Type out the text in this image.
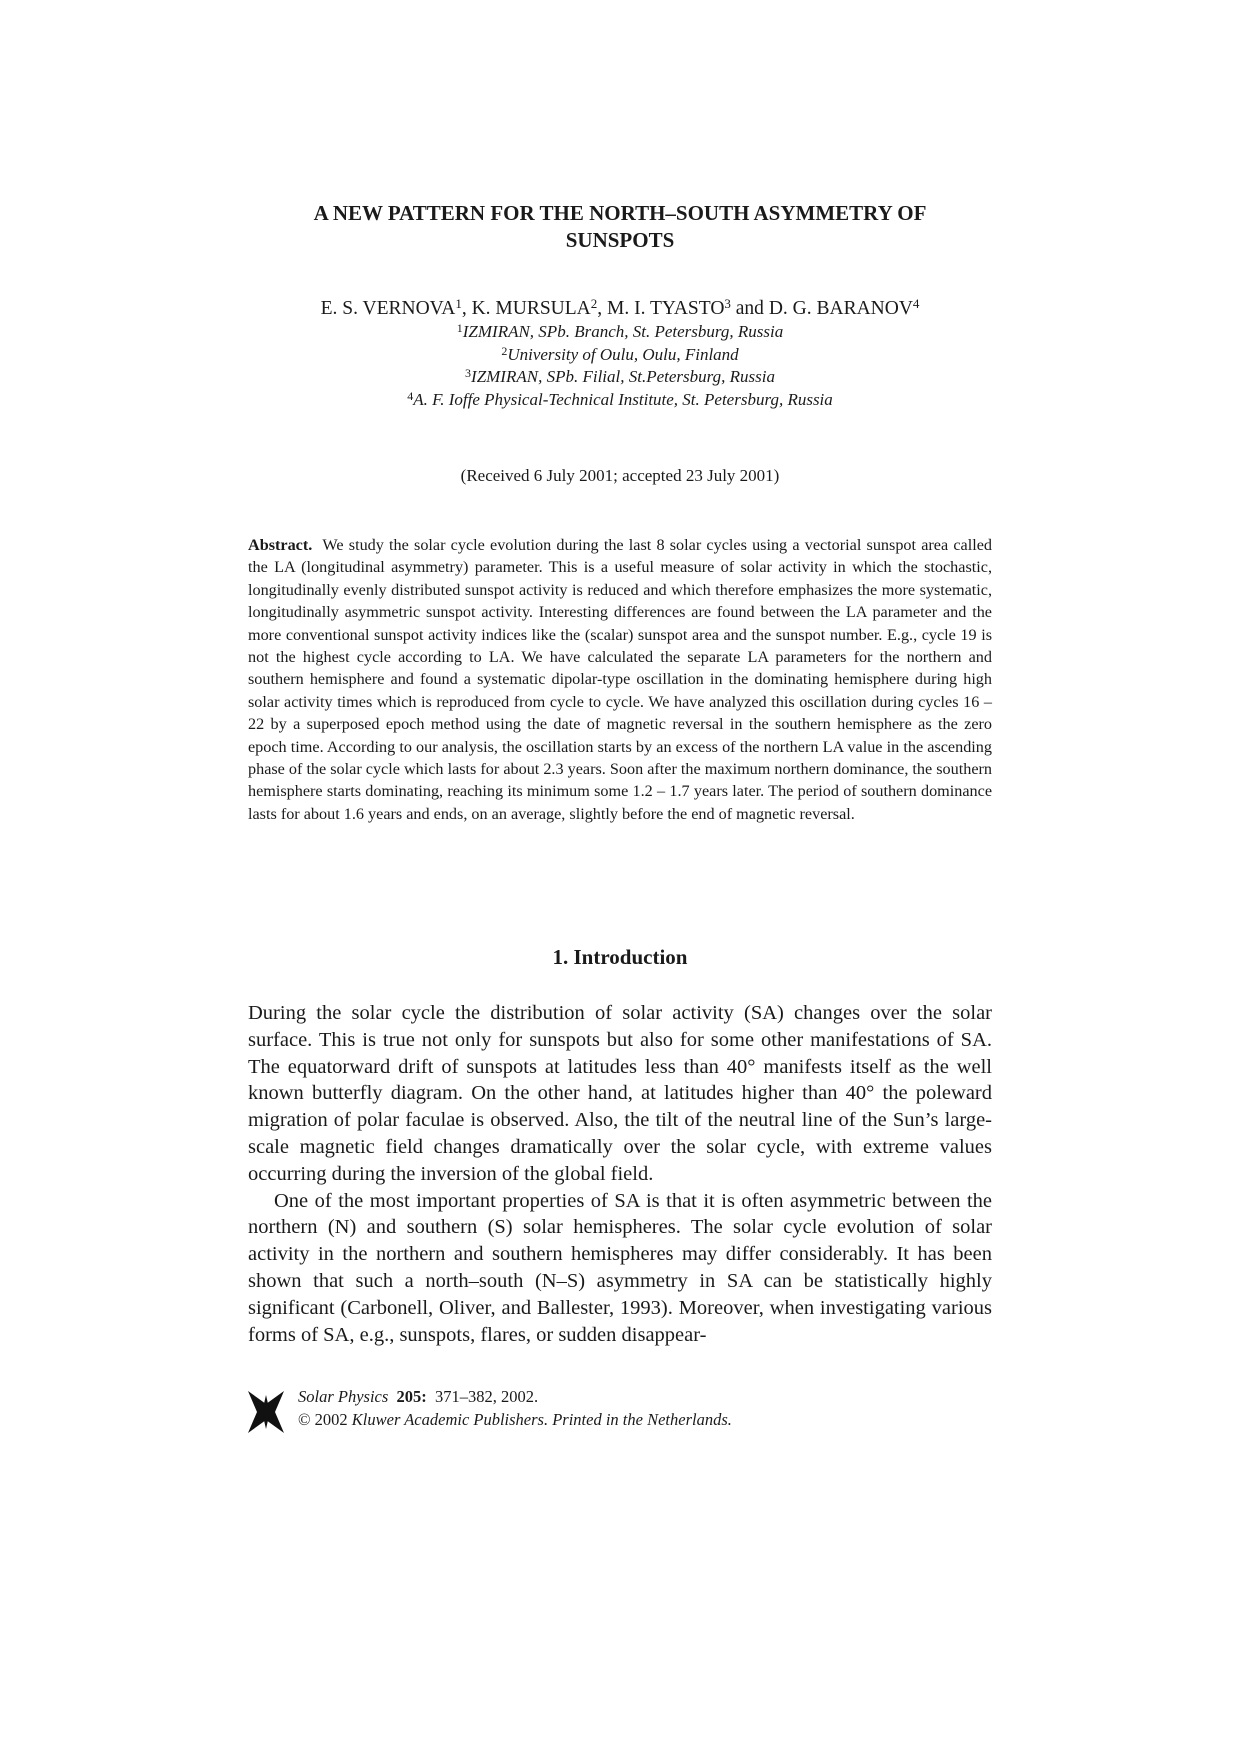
A NEW PATTERN FOR THE NORTH–SOUTH ASYMMETRY OF
SUNSPOTS
E. S. VERNOVA$^1$, K. MURSULA$^2$, M. I. TYASTO$^3$ and D. G. BARANOV$^4$
$^1$IZMIRAN, SPb. Branch, St. Petersburg, Russia
$^2$University of Oulu, Oulu, Finland
$^3$IZMIRAN, SPb. Filial, St.Petersburg, Russia
$^4$A. F. Ioffe Physical-Technical Institute, St. Petersburg, Russia
(Received 6 July 2001; accepted 23 July 2001)
Abstract. We study the solar cycle evolution during the last 8 solar cycles using a vectorial sunspot area called the LA (longitudinal asymmetry) parameter. This is a useful measure of solar activity in which the stochastic, longitudinally evenly distributed sunspot activity is reduced and which therefore emphasizes the more systematic, longitudinally asymmetric sunspot activity. Interesting differences are found between the LA parameter and the more conventional sunspot activity indices like the (scalar) sunspot area and the sunspot number. E.g., cycle 19 is not the highest cycle according to LA. We have calculated the separate LA parameters for the northern and southern hemisphere and found a systematic dipolar-type oscillation in the dominating hemisphere during high solar activity times which is reproduced from cycle to cycle. We have analyzed this oscillation during cycles 16 – 22 by a superposed epoch method using the date of magnetic reversal in the southern hemisphere as the zero epoch time. According to our analysis, the oscillation starts by an excess of the northern LA value in the ascending phase of the solar cycle which lasts for about 2.3 years. Soon after the maximum northern dominance, the southern hemisphere starts dominating, reaching its minimum some 1.2 – 1.7 years later. The period of southern dominance lasts for about 1.6 years and ends, on an average, slightly before the end of magnetic reversal.
1. Introduction

During the solar cycle the distribution of solar activity (SA) changes over the solar surface. This is true not only for sunspots but also for some other manifestations of SA. The equatorward drift of sunspots at latitudes less than 40° manifests itself as the well known butterfly diagram. On the other hand, at latitudes higher than 40° the poleward migration of polar faculae is observed. Also, the tilt of the neutral line of the Sun’s large-scale magnetic field changes dramatically over the solar cycle, with extreme values occurring during the inversion of the global field.

One of the most important properties of SA is that it is often asymmetric between the northern (N) and southern (S) solar hemispheres. The solar cycle evolution of solar activity in the northern and southern hemispheres may differ considerably. It has been shown that such a north–south (N–S) asymmetry in SA can be statistically highly significant (Carbonell, Oliver, and Ballester, 1993). Moreover, when investigating various forms of SA, e.g., sunspots, flares, or sudden disappear-

Solar Physics 205: 371–382, 2002.
© 2002 Kluwer Academic Publishers. Printed in the Netherlands.
